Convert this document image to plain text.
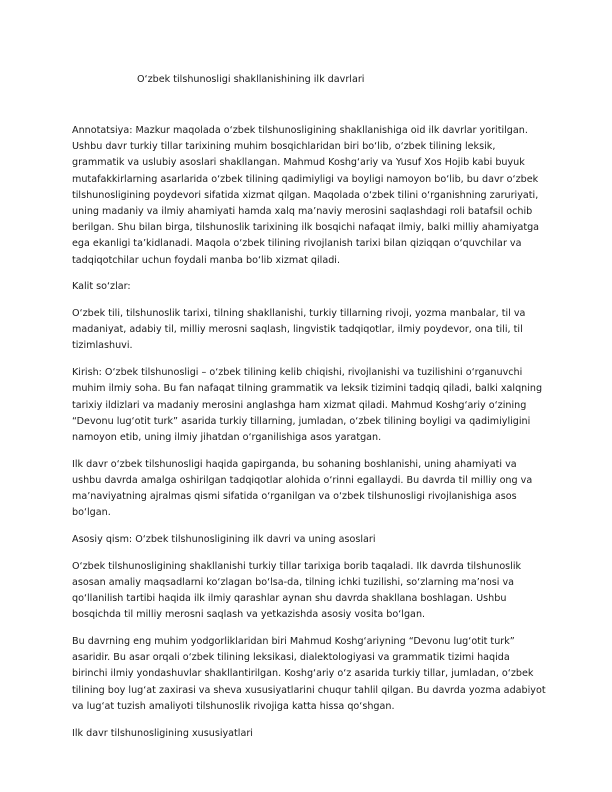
O‘zbek tilshunosligi shakllanishining ilk davrlari

Annotatsiya: Mazkur maqolada o‘zbek tilshunosligining shakllanishiga oid ilk davrlar yoritilgan. Ushbu davr turkiy tillar tarixining muhim bosqichlaridan biri bo‘lib, o‘zbek tilining leksik, grammatik va uslubiy asoslari shakllangan. Mahmud Koshg‘ariy va Yusuf Xos Hojib kabi buyuk mutafakkirlarning asarlarida o‘zbek tilining qadimiyligi va boyligi namoyon bo‘lib, bu davr o‘zbek tilshunosligining poydevori sifatida xizmat qilgan. Maqolada o‘zbek tilini o‘rganishning zaruriyati, uning madaniy va ilmiy ahamiyati hamda xalq ma’naviy merosini saqlashdagi roli batafsil ochib berilgan. Shu bilan birga, tilshunoslik tarixining ilk bosqichi nafaqat ilmiy, balki milliy ahamiyatga ega ekanligi ta’kidlanadi. Maqola o‘zbek tilining rivojlanish tarixi bilan qiziqqan o‘quvchilar va tadqiqotchilar uchun foydali manba bo‘lib xizmat qiladi.

Kalit so‘zlar:

O‘zbek tili, tilshunoslik tarixi, tilning shakllanishi, turkiy tillarning rivoji, yozma manbalar, til va madaniyat, adabiy til, milliy merosni saqlash, lingvistik tadqiqotlar, ilmiy poydevor, ona tili, til tizimlashuvi.

Kirish: O‘zbek tilshunosligi – o‘zbek tilining kelib chiqishi, rivojlanishi va tuzilishini o‘rganuvchi muhim ilmiy soha. Bu fan nafaqat tilning grammatik va leksik tizimini tadqiq qiladi, balki xalqning tarixiy ildizlari va madaniy merosini anglashga ham xizmat qiladi. Mahmud Koshg‘ariy o‘zining “Devonu lug‘otit turk” asarida turkiy tillarning, jumladan, o‘zbek tilining boyligi va qadimiyligini namoyon etib, uning ilmiy jihatdan o‘rganilishiga asos yaratgan.

Ilk davr o‘zbek tilshunosligi haqida gapirganda, bu sohaning boshlanishi, uning ahamiyati va ushbu davrda amalga oshirilgan tadqiqotlar alohida o‘rinni egallaydi. Bu davrda til milliy ong va ma’naviyatning ajralmas qismi sifatida o‘rganilgan va o‘zbek tilshunosligi rivojlanishiga asos bo‘lgan.

Asosiy qism: O‘zbek tilshunosligining ilk davri va uning asoslari

O‘zbek tilshunosligining shakllanishi turkiy tillar tarixiga borib taqaladi. Ilk davrda tilshunoslik asosan amaliy maqsadlarni ko‘zlagan bo‘lsa-da, tilning ichki tuzilishi, so‘zlarning ma’nosi va qo‘llanilish tartibi haqida ilk ilmiy qarashlar aynan shu davrda shakllana boshlagan. Ushbu bosqichda til milliy merosni saqlash va yetkazishda asosiy vosita bo‘lgan.

Bu davrning eng muhim yodgorliklaridan biri Mahmud Koshg‘ariyning “Devonu lug‘otit turk” asaridir. Bu asar orqali o‘zbek tilining leksikasi, dialektologiyasi va grammatik tizimi haqida birinchi ilmiy yondashuvlar shakllantirilgan. Koshg‘ariy o‘z asarida turkiy tillar, jumladan, o‘zbek tilining boy lug‘at zaxirasi va sheva xususiyatlarini chuqur tahlil qilgan. Bu davrda yozma adabiyot va lug‘at tuzish amaliyoti tilshunoslik rivojiga katta hissa qo‘shgan.

Ilk davr tilshunosligining xususiyatlari
